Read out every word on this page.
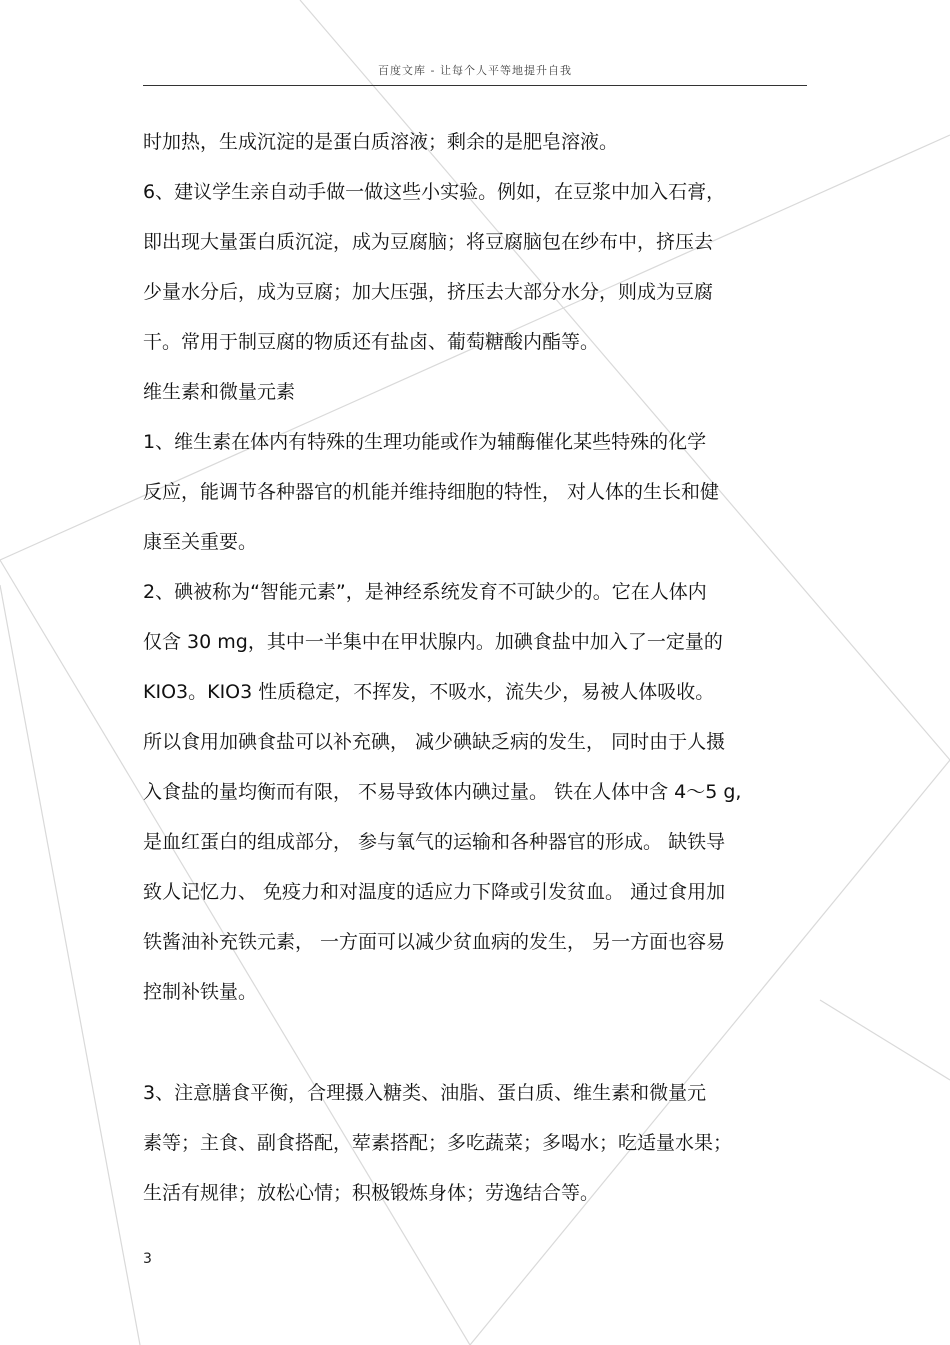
百度文库 - 让每个人平等地提升自我
时加热，生成沉淀的是蛋白质溶液；剩余的是肥皂溶液。
6、建议学生亲自动手做一做这些小实验。例如，在豆浆中加入石膏，
即出现大量蛋白质沉淀，成为豆腐脑；将豆腐脑包在纱布中，挤压去
少量水分后，成为豆腐；加大压强，挤压去大部分水分，则成为豆腐
干。常用于制豆腐的物质还有盐卤、葡萄糖酸内酯等。
维生素和微量元素
1、维生素在体内有特殊的生理功能或作为辅酶催化某些特殊的化学
反应，能调节各种器官的机能并维持细胞的特性， 对人体的生长和健
康至关重要。
2、碘被称为“智能元素”，是神经系统发育不可缺少的。它在人体内
仅含 30 mg，其中一半集中在甲状腺内。加碘食盐中加入了一定量的
KIO3。KIO3 性质稳定，不挥发，不吸水，流失少，易被人体吸收。
所以食用加碘食盐可以补充碘， 减少碘缺乏病的发生， 同时由于人摄
入食盐的量均衡而有限， 不易导致体内碘过量。 铁在人体中含 4～5 g,
是血红蛋白的组成部分， 参与氧气的运输和各种器官的形成。 缺铁导
致人记忆力、 免疫力和对温度的适应力下降或引发贫血。 通过食用加
铁酱油补充铁元素， 一方面可以减少贫血病的发生， 另一方面也容易
控制补铁量。
3、注意膳食平衡，合理摄入糖类、油脂、蛋白质、维生素和微量元
素等；主食、副食搭配，荤素搭配；多吃蔬菜；多喝水；吃适量水果；
生活有规律；放松心情；积极锻炼身体；劳逸结合等。
3
